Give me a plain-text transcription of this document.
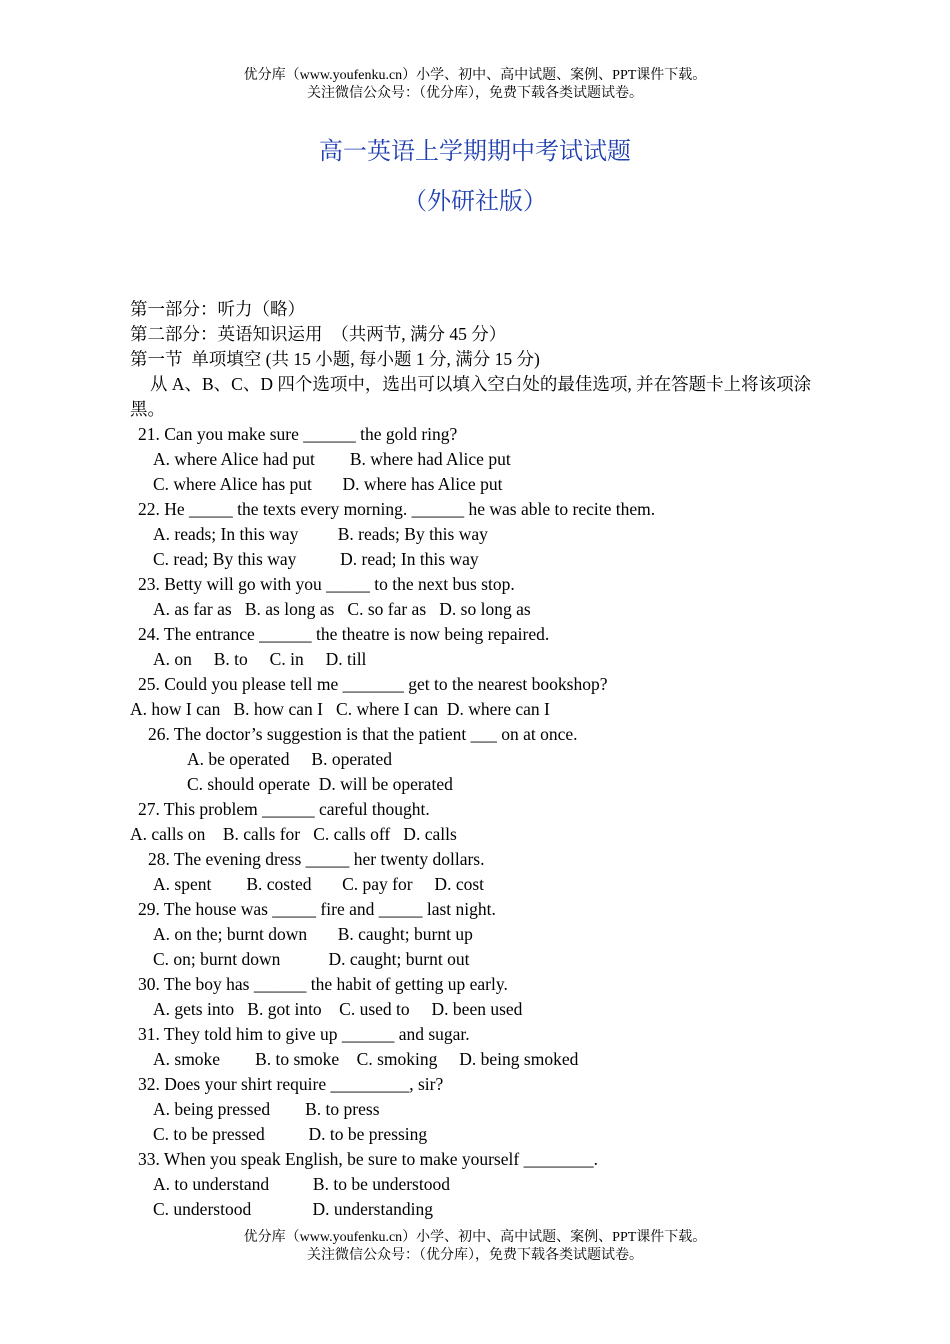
优分库（www.youfenku.cn）小学、初中、高中试题、案例、PPT课件下载。
关注微信公众号：（优分库），免费下载各类试题试卷。
高一英语上学期期中考试试题
（外研社版）
第一部分：听力（略）
第二部分：英语知识运用　（共两节, 满分 45 分）
第一节  单项填空 (共 15 小题, 每小题 1 分, 满分 15 分)
从 A、B、C、D 四个选项中，选出可以填入空白处的最佳选项, 并在答题卡上将该项涂黑。
21. Can you make sure ______ the gold ring?
A. where Alice had put        B. where had Alice put
C. where Alice has put       D. where has Alice put
22. He _____ the texts every morning. ______ he was able to recite them.
A. reads; In this way         B. reads; By this way
C. read; By this way          D. read; In this way
23. Betty will go with you _____ to the next bus stop.
A. as far as   B. as long as   C. so far as   D. so long as
24. The entrance ______ the theatre is now being repaired.
A. on     B. to     C. in     D. till
25. Could you please tell me _______ get to the nearest bookshop?
A. how I can   B. how can I   C. where I can  D. where can I
26. The doctor’s suggestion is that the patient ___ on at once.
A. be operated     B. operated
C. should operate  D. will be operated
27. This problem ______ careful thought.
A. calls on    B. calls for   C. calls off   D. calls
28. The evening dress _____ her twenty dollars.
A. spent        B. costed       C. pay for     D. cost
29. The house was _____ fire and _____ last night.
A. on the; burnt down       B. caught; burnt up
C. on; burnt down           D. caught; burnt out
30. The boy has ______ the habit of getting up early.
A. gets into   B. got into    C. used to     D. been used
31. They told him to give up ______ and sugar.
A. smoke        B. to smoke    C. smoking     D. being smoked
32. Does your shirt require _________, sir?
A. being pressed        B. to press
C. to be pressed          D. to be pressing
33. When you speak English, be sure to make yourself ________.
A. to understand          B. to be understood
C. understood              D. understanding
优分库（www.youfenku.cn）小学、初中、高中试题、案例、PPT课件下载。
关注微信公众号：（优分库），免费下载各类试题试卷。
